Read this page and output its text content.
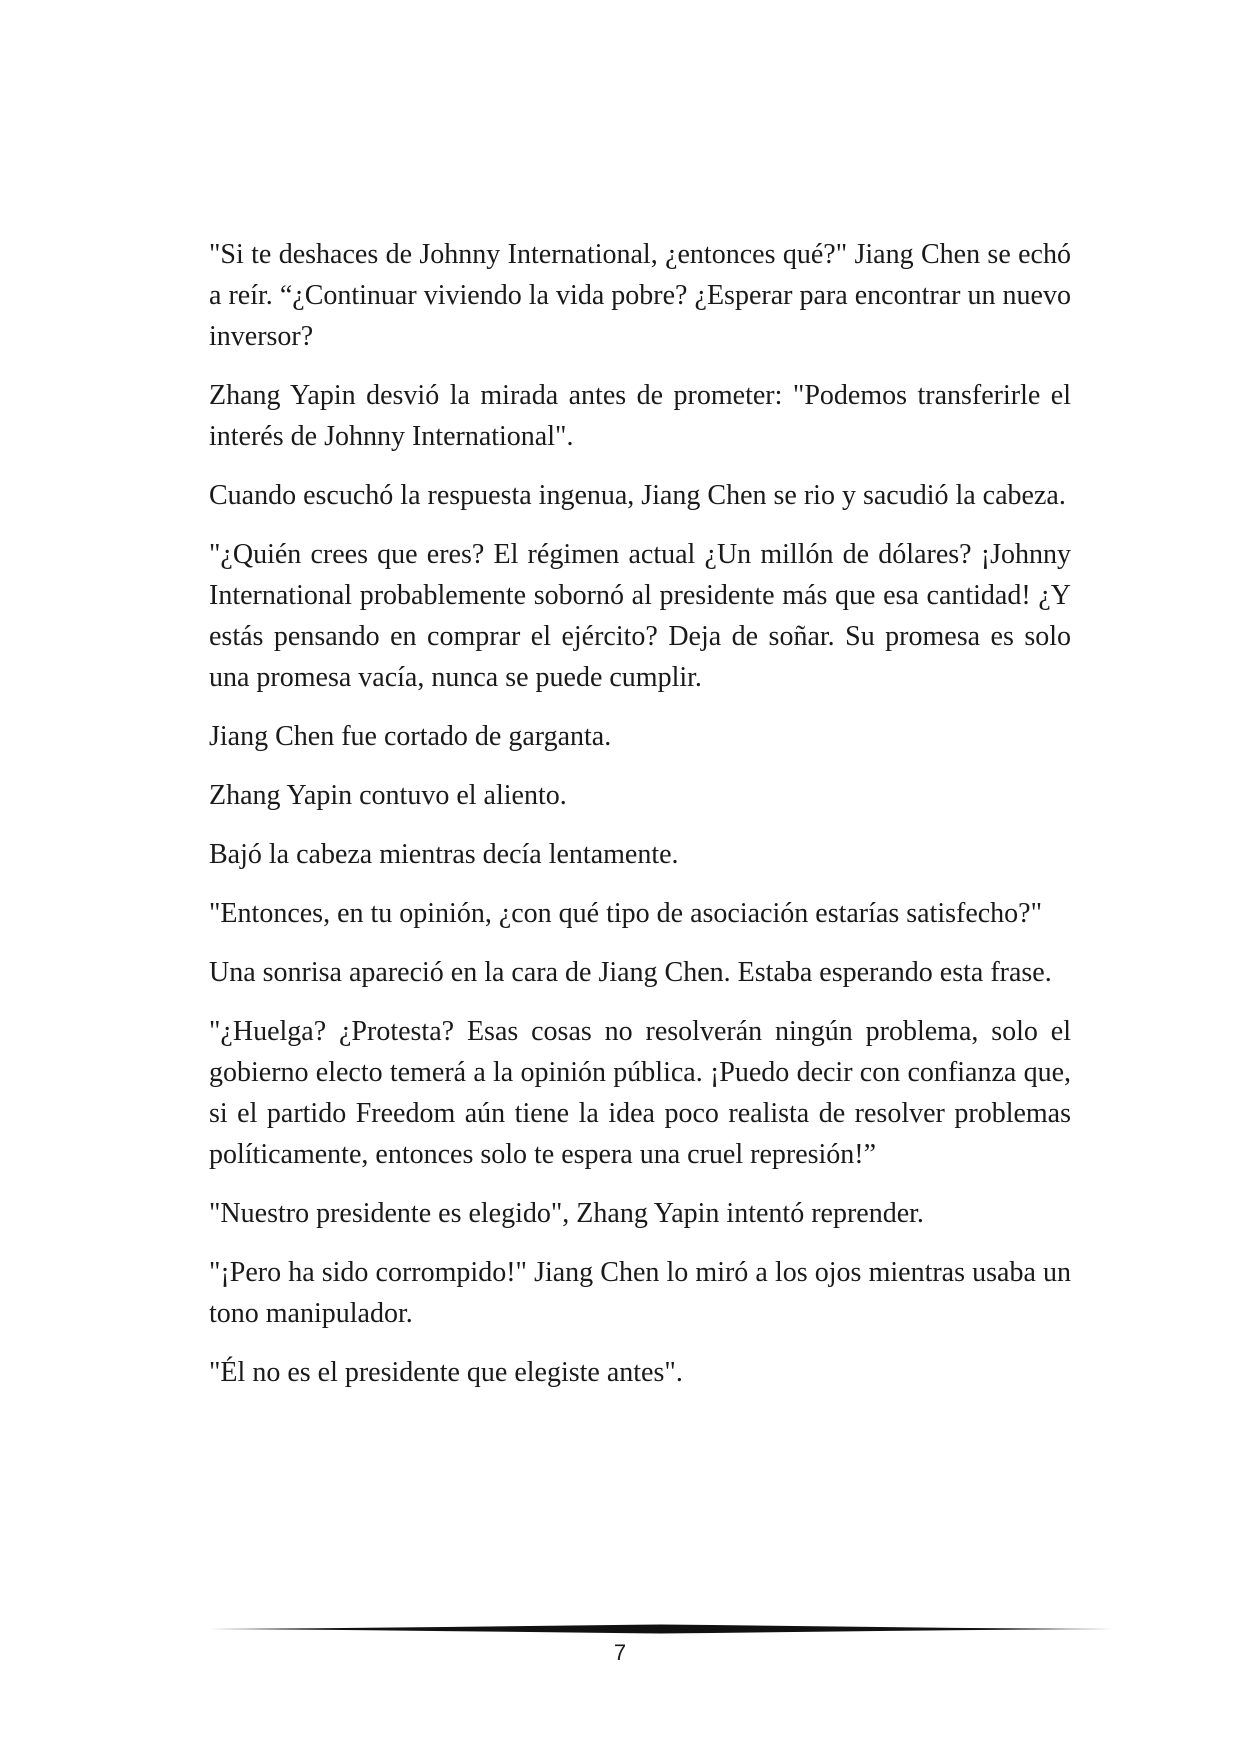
"Si te deshaces de Johnny International, ¿entonces qué?" Jiang Chen se echó a reír. “¿Continuar viviendo la vida pobre? ¿Esperar para encontrar un nuevo inversor?

Zhang Yapin desvió la mirada antes de prometer: "Podemos transferirle el interés de Johnny International".

Cuando escuchó la respuesta ingenua, Jiang Chen se rio y sacudió la cabeza.

"¿Quién crees que eres? El régimen actual ¿Un millón de dólares? ¡Johnny International probablemente sobornó al presidente más que esa cantidad! ¿Y estás pensando en comprar el ejército? Deja de soñar. Su promesa es solo una promesa vacía, nunca se puede cumplir.

Jiang Chen fue cortado de garganta.

Zhang Yapin contuvo el aliento.

Bajó la cabeza mientras decía lentamente.

"Entonces, en tu opinión, ¿con qué tipo de asociación estarías satisfecho?"

Una sonrisa apareció en la cara de Jiang Chen. Estaba esperando esta frase.

"¿Huelga? ¿Protesta? Esas cosas no resolverán ningún problema, solo el gobierno electo temerá a la opinión pública. ¡Puedo decir con confianza que, si el partido Freedom aún tiene la idea poco realista de resolver problemas políticamente, entonces solo te espera una cruel represión!”

"Nuestro presidente es elegido", Zhang Yapin intentó reprender.

"¡Pero ha sido corrompido!" Jiang Chen lo miró a los ojos mientras usaba un tono manipulador.

"Él no es el presidente que elegiste antes".

7
